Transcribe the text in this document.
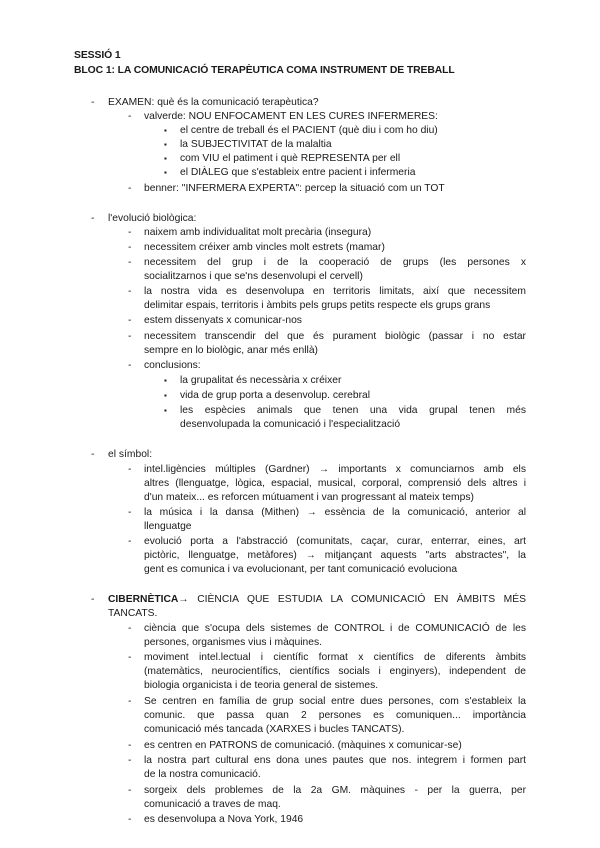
SESSIÓ 1
BLOC 1: LA COMUNICACIÓ TERAPÈUTICA COMA INSTRUMENT DE TREBALL
- EXAMEN: què és la comunicació terapèutica?
- valverde: NOU ENFOCAMENT EN LES CURES INFERMERES:
▪ el centre de treball és el PACIENT (què diu i com ho diu)
▪ la SUBJECTIVITAT de la malaltia
▪ com VIU el patiment i què REPRESENTA per ell
▪ el DIÀLEG que s'estableix entre pacient i infermeria
- benner: "INFERMERA EXPERTA": percep la situació com un TOT
- l'evolució biològica:
- naixem amb individualitat molt precària (insegura)
- necessitem créixer amb vincles molt estrets (mamar)
- necessitem del grup i de la cooperació de grups (les persones x
socialitzarnos i que se'ns desenvolupi el cervell)
- la nostra vida es desenvolupa en territoris limitats, així que necessitem
delimitar espais, territoris i àmbits pels grups petits respecte els grups grans
- estem dissenyats x comunicar-nos
- necessitem transcendir del que és purament biològic (passar i no estar
sempre en lo biològic, anar més enllà)
- conclusions:
▪ la grupalitat és necessària x créixer
▪ vida de grup porta a desenvolup. cerebral
▪ les espècies animals que tenen una vida grupal tenen més
desenvolupada la comunicació i l'especialització
- el símbol:
- intel.ligències múltiples (Gardner) → importants x comunciarnos amb els
altres (llenguatge, lògica, espacial, musical, corporal, comprensió dels altres i
d'un mateix... es reforcen mútuament i van progressant al mateix temps)
- la música i la dansa (Mithen) → essència de la comunicació, anterior al
llenguatge
- evolució porta a l'abstracció (comunitats, caçar, curar, enterrar, eines, art
pictòric, llenguatge, metàfores) → mitjançant aquests "arts abstractes", la
gent es comunica i va evolucionant, per tant comunicació evoluciona
- CIBERNÈTICA→ CIÈNCIA QUE ESTUDIA LA COMUNICACIÓ EN ÀMBITS MÉS
TANCATS.
- ciència que s'ocupa dels sistemes de CONTROL i de COMUNICACIÓ de les
persones, organismes vius i màquines.
- moviment intel.lectual i científic format x científics de diferents àmbits
(matemàtics, neurocientífics, científics socials i enginyers), independent de
biologia organicista i de teoria general de sistemes.
- Se centren en família de grup social entre dues persones, com s'estableix la
comunic. que passa quan 2 persones es comuniquen... importància
comunicació més tancada (XARXES i bucles TANCATS).
- es centren en PATRONS de comunicació. (màquines x comunicar-se)
- la nostra part cultural ens dona unes pautes que nos. integrem i formen part
de la nostra comunicació.
- sorgeix dels problemes de la 2a GM. màquines - per la guerra, per
comunicació a traves de maq.
- es desenvolupa a Nova York, 1946
